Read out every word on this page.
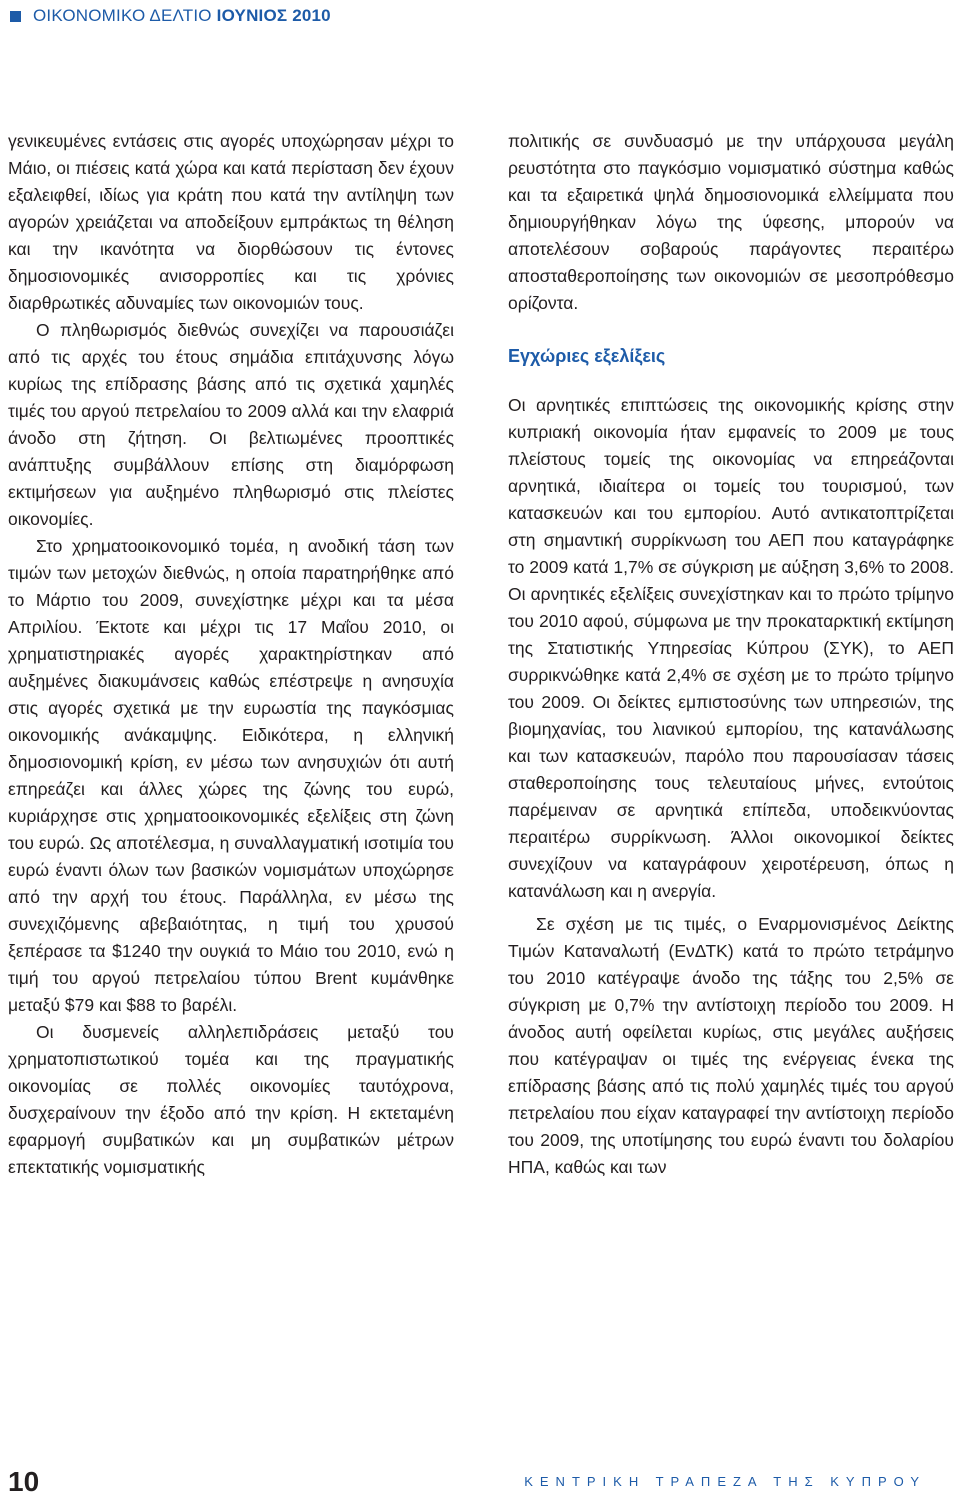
ΟΙΚΟΝΟΜΙΚΟ ΔΕΛΤΙΟ ΙΟΥΝΙΟΣ 2010

γενικευμένες εντάσεις στις αγορές υποχώρησαν μέχρι το Μάιο, οι πιέσεις κατά χώρα και κατά περίσταση δεν έχουν εξαλειφθεί, ιδίως για κράτη που κατά την αντίληψη των αγορών χρειάζεται να αποδείξουν εμπράκτως τη θέληση και την ικανότητα να διορθώσουν τις έντονες δημοσιονομικές ανισορροπίες και τις χρόνιες διαρθρωτικές αδυναμίες των οικονομιών τους.

Ο πληθωρισμός διεθνώς συνεχίζει να παρουσιάζει από τις αρχές του έτους σημάδια επιτάχυνσης λόγω κυρίως της επίδρασης βάσης από τις σχετικά χαμηλές τιμές του αργού πετρελαίου το 2009 αλλά και την ελαφριά άνοδο στη ζήτηση. Οι βελτιωμένες προοπτικές ανάπτυξης συμβάλλουν επίσης στη διαμόρφωση εκτιμήσεων για αυξημένο πληθωρισμό στις πλείστες οικονομίες.

Στο χρηματοοικονομικό τομέα, η ανοδική τάση των τιμών των μετοχών διεθνώς, η οποία παρατηρήθηκε από το Μάρτιο του 2009, συνεχίστηκε μέχρι και τα μέσα Απριλίου. Έκτοτε και μέχρι τις 17 Μαΐου 2010, οι χρηματιστηριακές αγορές χαρακτηρίστηκαν από αυξημένες διακυμάνσεις καθώς επέστρεψε η ανησυχία στις αγορές σχετικά με την ευρωστία της παγκόσμιας οικονομικής ανάκαμψης. Ειδικότερα, η ελληνική δημοσιονομική κρίση, εν μέσω των ανησυχιών ότι αυτή επηρεάζει και άλλες χώρες της ζώνης του ευρώ, κυριάρχησε στις χρηματοοικονομικές εξελίξεις στη ζώνη του ευρώ. Ως αποτέλεσμα, η συναλλαγματική ισοτιμία του ευρώ έναντι όλων των βασικών νομισμάτων υποχώρησε από την αρχή του έτους. Παράλληλα, εν μέσω της συνεχιζόμενης αβεβαιότητας, η τιμή του χρυσού ξεπέρασε τα $1240 την ουγκιά το Μάιο του 2010, ενώ η τιμή του αργού πετρελαίου τύπου Brent κυμάνθηκε μεταξύ $79 και $88 το βαρέλι.

Οι δυσμενείς αλληλεπιδράσεις μεταξύ του χρηματοπιστωτικού τομέα και της πραγματικής οικονομίας σε πολλές οικονομίες ταυτόχρονα, δυσχεραίνουν την έξοδο από την κρίση. Η εκτεταμένη εφαρμογή συμβατικών και μη συμβατικών μέτρων επεκτατικής νομισματικής

πολιτικής σε συνδυασμό με την υπάρχουσα μεγάλη ρευστότητα στο παγκόσμιο νομισματικό σύστημα καθώς και τα εξαιρετικά ψηλά δημοσιονομικά ελλείμματα που δημιουργήθηκαν λόγω της ύφεσης, μπορούν να αποτελέσουν σοβαρούς παράγοντες περαιτέρω αποσταθεροποίησης των οικονομιών σε μεσοπρόθεσμο ορίζοντα.

Εγχώριες εξελίξεις

Οι αρνητικές επιπτώσεις της οικονομικής κρίσης στην κυπριακή οικονομία ήταν εμφανείς το 2009 με τους πλείστους τομείς της οικονομίας να επηρεάζονται αρνητικά, ιδιαίτερα οι τομείς του τουρισμού, των κατασκευών και του εμπορίου. Αυτό αντικατοπτρίζεται στη σημαντική συρρίκνωση του ΑΕΠ που καταγράφηκε το 2009 κατά 1,7% σε σύγκριση με αύξηση 3,6% το 2008. Οι αρνητικές εξελίξεις συνεχίστηκαν και το πρώτο τρίμηνο του 2010 αφού, σύμφωνα με την προκαταρκτική εκτίμηση της Στατιστικής Υπηρεσίας Κύπρου (ΣΥΚ), το ΑΕΠ συρρικνώθηκε κατά 2,4% σε σχέση με το πρώτο τρίμηνο του 2009. Οι δείκτες εμπιστοσύνης των υπηρεσιών, της βιομηχανίας, του λιανικού εμπορίου, της κατανάλωσης και των κατασκευών, παρόλο που παρουσίασαν τάσεις σταθεροποίησης τους τελευταίους μήνες, εντούτοις παρέμειναν σε αρνητικά επίπεδα, υποδεικνύοντας περαιτέρω συρρίκνωση. Άλλοι οικονομικοί δείκτες συνεχίζουν να καταγράφουν χειροτέρευση, όπως η κατανάλωση και η ανεργία.

Σε σχέση με τις τιμές, ο Εναρμονισμένος Δείκτης Τιμών Καταναλωτή (ΕνΔΤΚ) κατά το πρώτο τετράμηνο του 2010 κατέγραψε άνοδο της τάξης του 2,5% σε σύγκριση με 0,7% την αντίστοιχη περίοδο του 2009. Η άνοδος αυτή οφείλεται κυρίως, στις μεγάλες αυξήσεις που κατέγραψαν οι τιμές της ενέργειας ένεκα της επίδρασης βάσης από τις πολύ χαμηλές τιμές του αργού πετρελαίου που είχαν καταγραφεί την αντίστοιχη περίοδο του 2009, της υποτίμησης του ευρώ έναντι του δολαρίου ΗΠΑ, καθώς και των

10	ΚΕΝΤΡΙΚΗ ΤΡΑΠΕΖΑ ΤΗΣ ΚΥΠΡΟΥ
